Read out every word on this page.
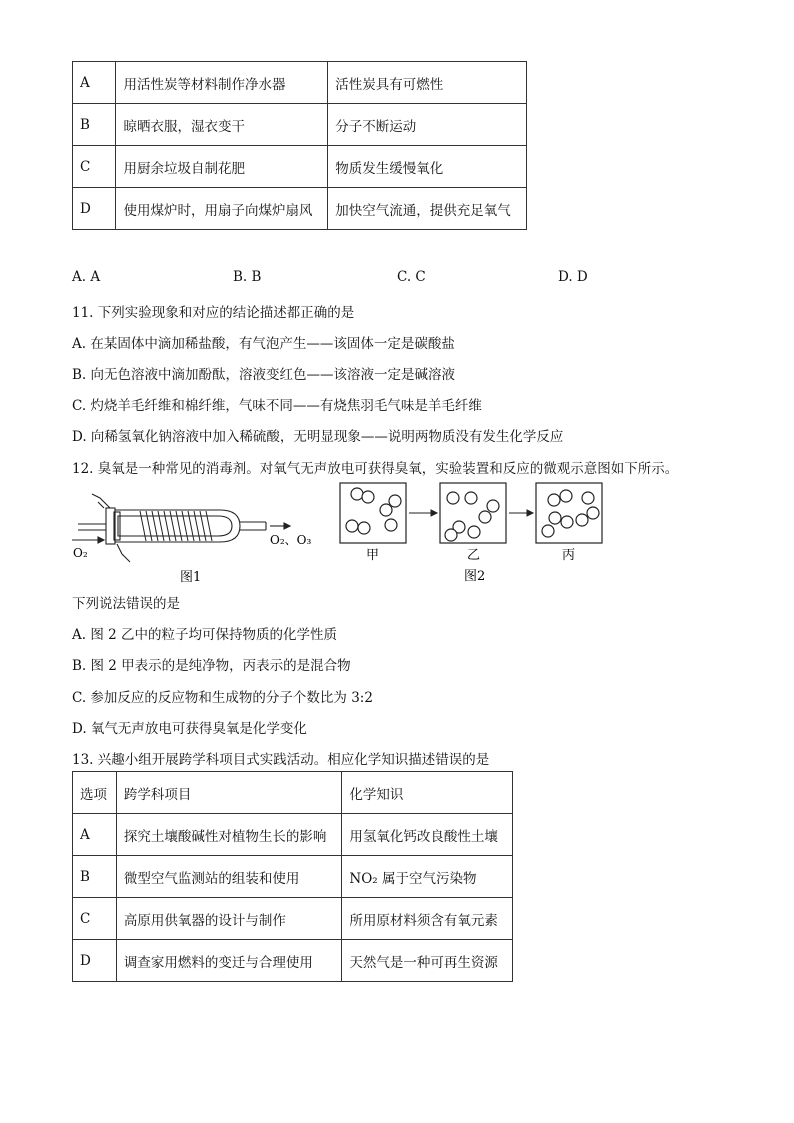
A	用活性炭等材料制作净水器	活性炭具有可燃性
B	晾晒衣服，湿衣变干	分子不断运动
C	用厨余垃圾自制花肥	物质发生缓慢氧化
D	使用煤炉时，用扇子向煤炉扇风	加快空气流通，提供充足氧气
A. A	B. B	C. C	D. D
11. 下列实验现象和对应的结论描述都正确的是
A. 在某固体中滴加稀盐酸，有气泡产生——该固体一定是碳酸盐
B. 向无色溶液中滴加酚酞，溶液变红色——该溶液一定是碱溶液
C. 灼烧羊毛纤维和棉纤维，气味不同——有烧焦羽毛气味是羊毛纤维
D. 向稀氢氧化钠溶液中加入稀硫酸，无明显现象——说明两物质没有发生化学反应
12. 臭氧是一种常见的消毒剂。对氧气无声放电可获得臭氧，实验装置和反应的微观示意图如下所示。
O₂
O₂、O₃
图1
甲	乙	丙
图2
下列说法错误的是
A. 图 2 乙中的粒子均可保持物质的化学性质
B. 图 2 甲表示的是纯净物，丙表示的是混合物
C. 参加反应的反应物和生成物的分子个数比为 3:2
D. 氧气无声放电可获得臭氧是化学变化
13. 兴趣小组开展跨学科项目式实践活动。相应化学知识描述错误的是
选项	跨学科项目	化学知识
A	探究土壤酸碱性对植物生长的影响	用氢氧化钙改良酸性土壤
B	微型空气监测站的组装和使用	NO₂ 属于空气污染物
C	高原用供氧器的设计与制作	所用原材料须含有氧元素
D	调查家用燃料的变迁与合理使用	天然气是一种可再生资源
